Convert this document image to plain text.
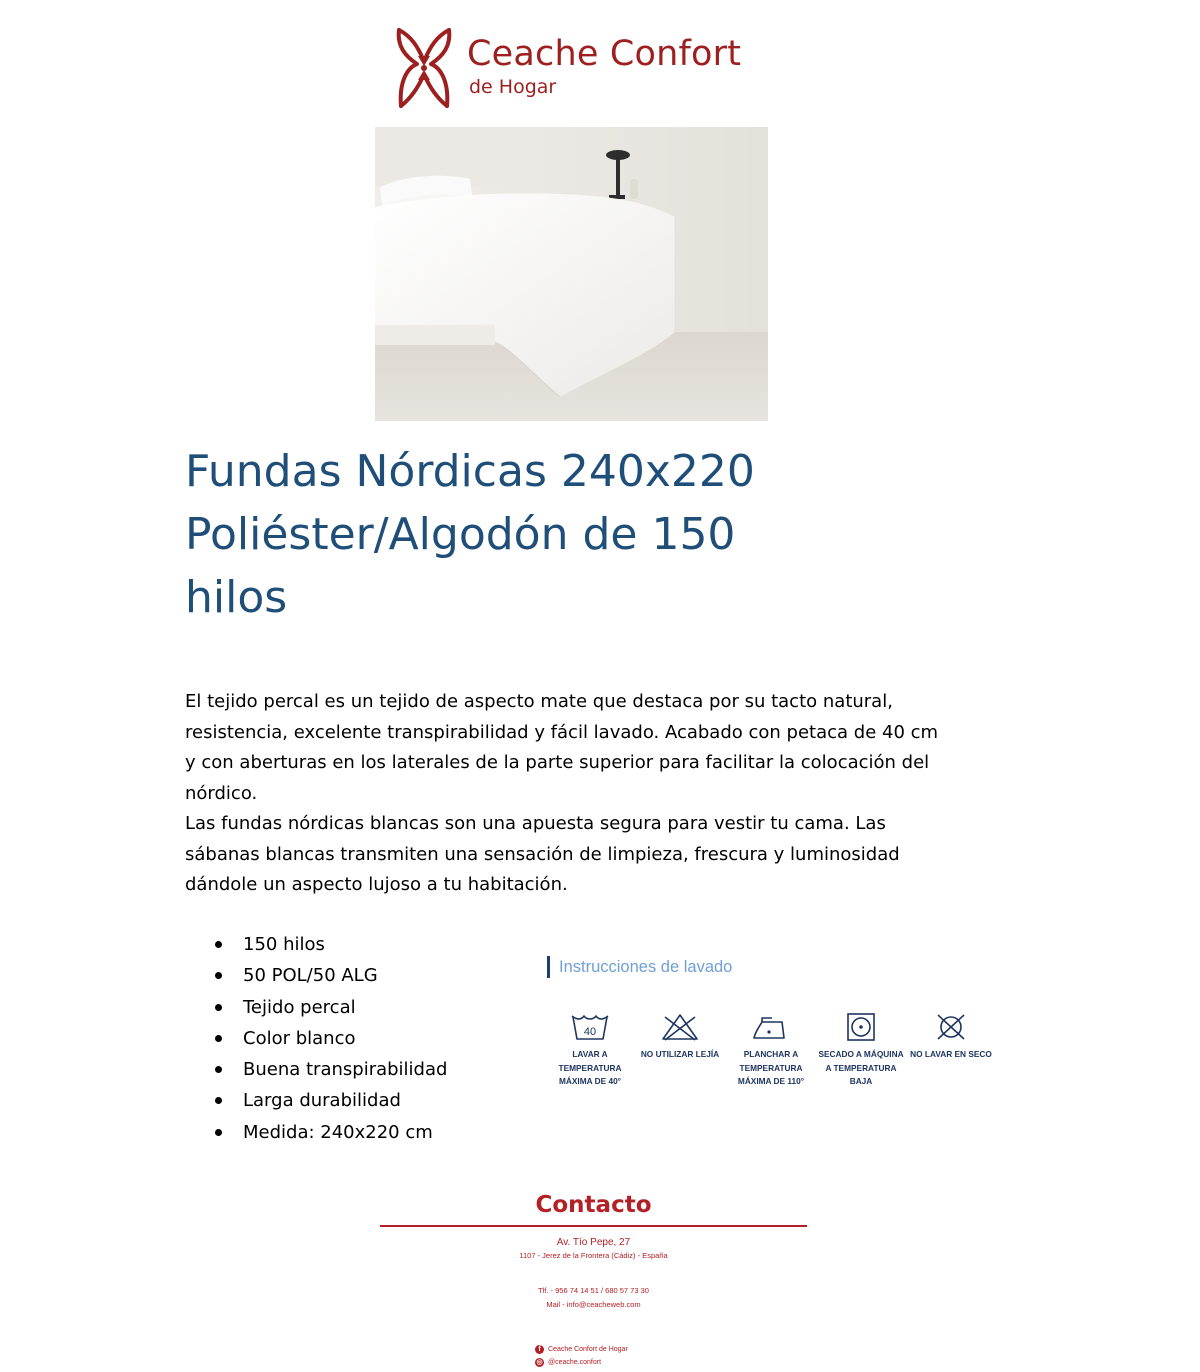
Ceache Confort
de Hogar
Fundas Nórdicas 240x220
Poliéster/Algodón de 150
hilos

El tejido percal es un tejido de aspecto mate que destaca por su tacto natural, resistencia, excelente transpirabilidad y fácil lavado. Acabado con petaca de 40 cm y con aberturas en los laterales de la parte superior para facilitar la colocación del nórdico.

Las fundas nórdicas blancas son una apuesta segura para vestir tu cama. Las sábanas blancas transmiten una sensación de limpieza, frescura y luminosidad dándole un aspecto lujoso a tu habitación.

150 hilos
50 POL/50 ALG
Tejido percal
Color blanco
Buena transpirabilidad
Larga durabilidad
Medida: 240x220 cm
Instrucciones de lavado
40
LAVAR A TEMPERATURA MÁXIMA DE 40°
NO UTILIZAR LEJÍA	PLANCHAR A TEMPERATURA MÁXIMA DE 110°
SECADO A MÁQUINA A TEMPERATURA BAJA
NO LAVAR EN SECO
Contacto
Av. Tío Pepe, 27
1107 - Jerez de la Frontera (Cádiz) - España
Tlf. - 956 74 14 51 / 680 57 73 30
Mail - info@ceacheweb.com
f Ceache Confort de Hogar
◎ @ceache.confort
